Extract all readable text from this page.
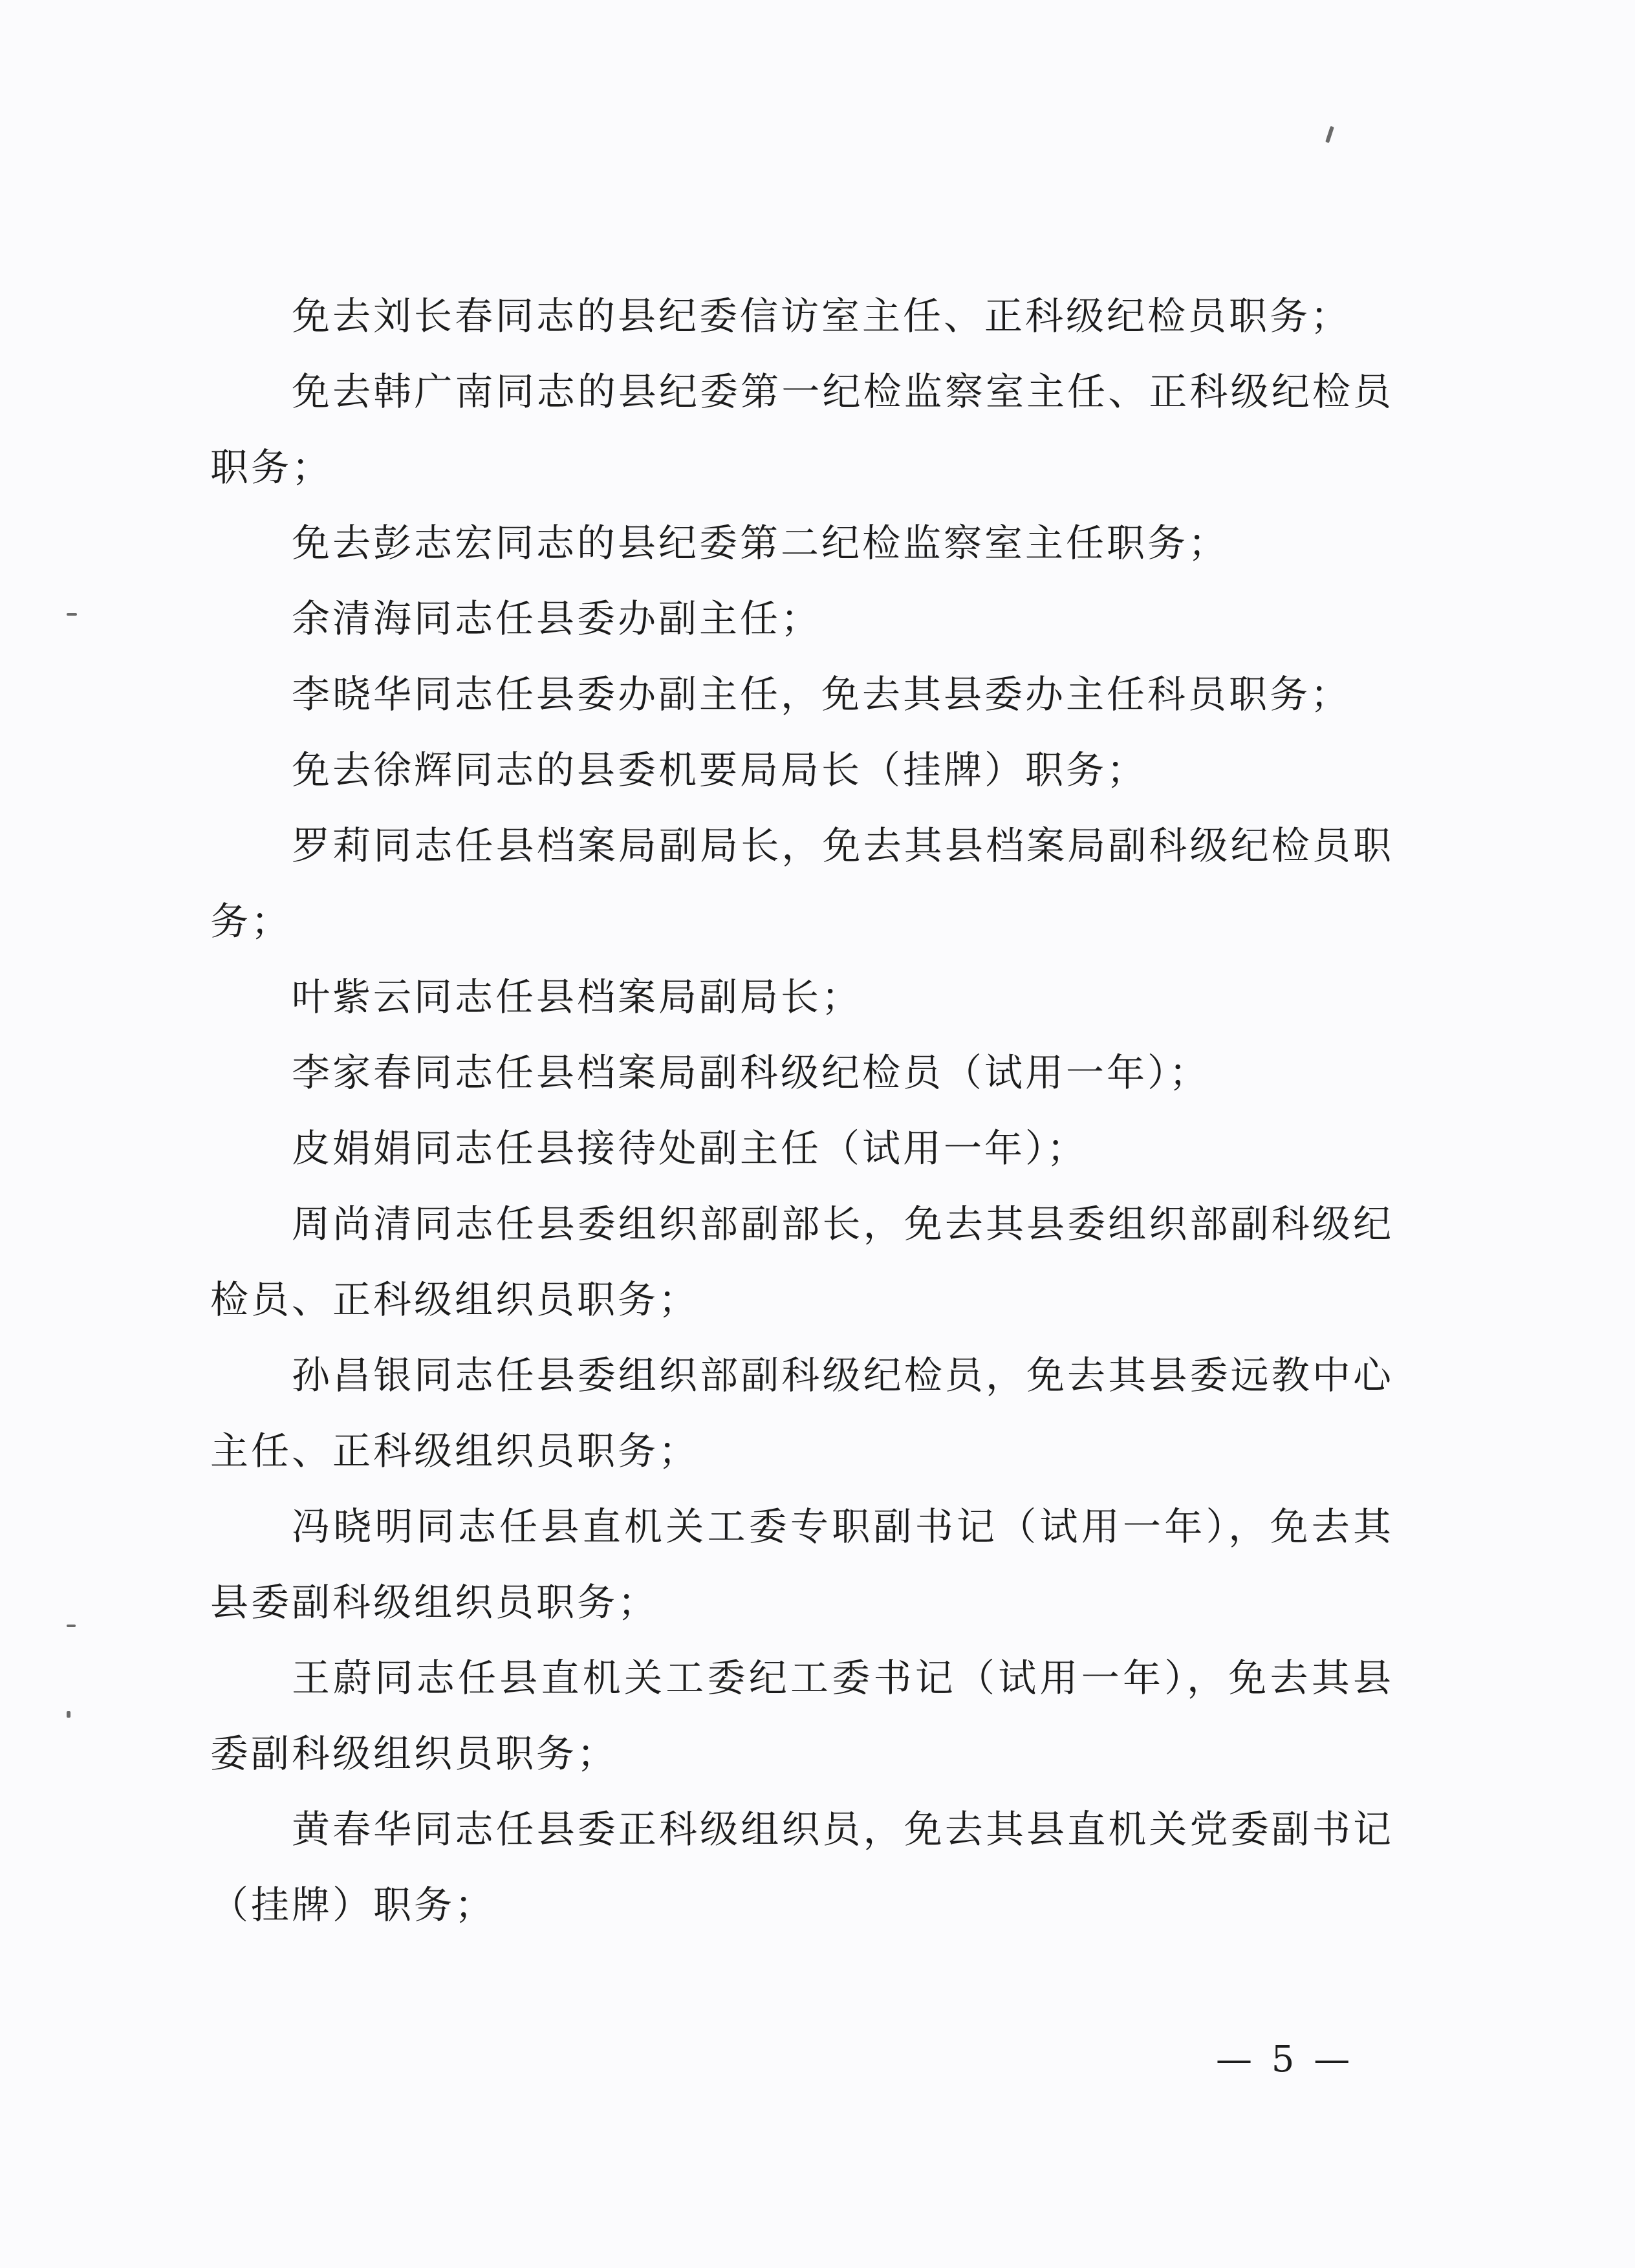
免去刘长春同志的县纪委信访室主任、正科级纪检员职务；

免去韩广南同志的县纪委第一纪检监察室主任、正科级纪检员职务；

免去彭志宏同志的县纪委第二纪检监察室主任职务；

余清海同志任县委办副主任；

李晓华同志任县委办副主任，免去其县委办主任科员职务；

免去徐辉同志的县委机要局局长（挂牌）职务；

罗莉同志任县档案局副局长，免去其县档案局副科级纪检员职务；

叶紫云同志任县档案局副局长；

李家春同志任县档案局副科级纪检员（试用一年）；

皮娟娟同志任县接待处副主任（试用一年）；

周尚清同志任县委组织部副部长，免去其县委组织部副科级纪检员、正科级组织员职务；

孙昌银同志任县委组织部副科级纪检员，免去其县委远教中心主任、正科级组织员职务；

冯晓明同志任县直机关工委专职副书记（试用一年），免去其县委副科级组织员职务；

王蔚同志任县直机关工委纪工委书记（试用一年），免去其县委副科级组织员职务；

黄春华同志任县委正科级组织员，免去其县直机关党委副书记（挂牌）职务；

— 5 —
